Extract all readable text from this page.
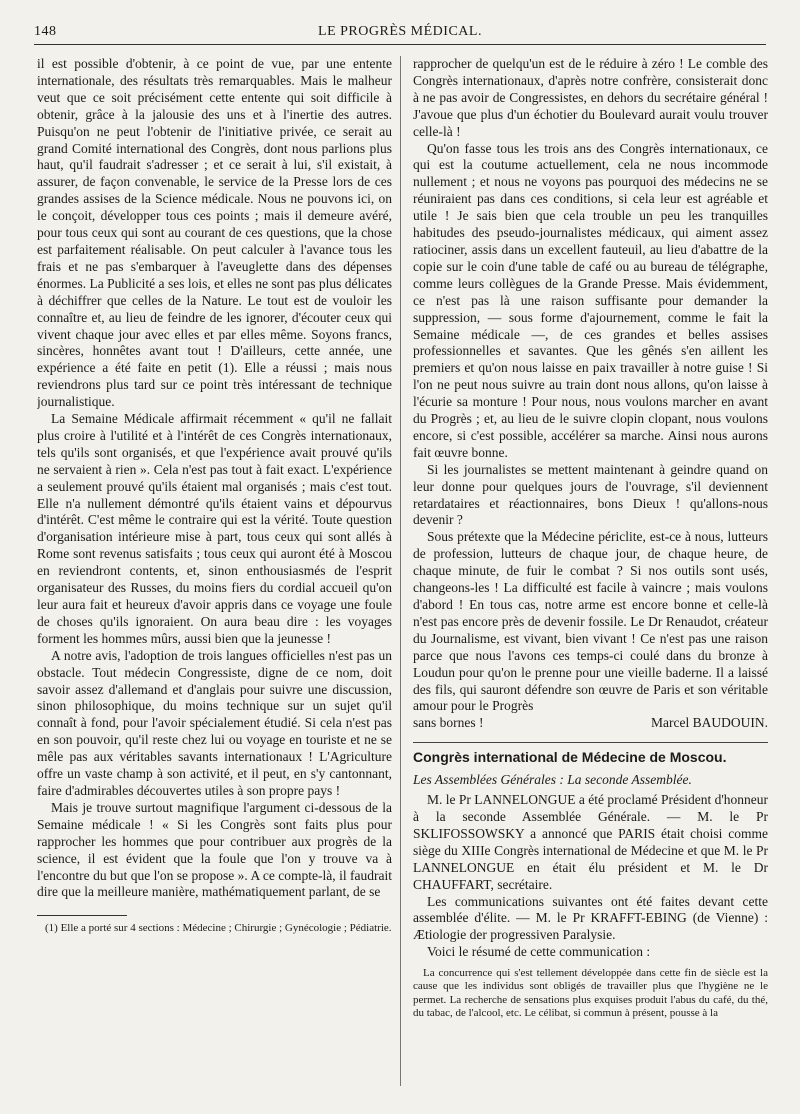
148	LE PROGRÈS MÉDICAL.

il est possible d'obtenir, à ce point de vue, par une entente internationale, des résultats très remarquables. Mais le malheur veut que ce soit précisément cette entente qui soit difficile à obtenir, grâce à la jalousie des uns et à l'inertie des autres. Puisqu'on ne peut l'obtenir de l'initiative privée, ce serait au grand Comité international des Congrès, dont nous parlions plus haut, qu'il faudrait s'adresser ; et ce serait à lui, s'il existait, à assurer, de façon convenable, le service de la Presse lors de ces grandes assises de la Science médicale. Nous ne pouvons ici, on le conçoit, développer tous ces points ; mais il demeure avéré, pour tous ceux qui sont au courant de ces questions, que la chose est parfaitement réalisable. On peut calculer à l'avance tous les frais et ne pas s'embarquer à l'aveuglette dans des dépenses énormes. La Publicité a ses lois, et elles ne sont pas plus délicates à déchiffrer que celles de la Nature. Le tout est de vouloir les connaître et, au lieu de feindre de les ignorer, d'écouter ceux qui vivent chaque jour avec elles et par elles même. Soyons francs, sincères, honnêtes avant tout ! D'ailleurs, cette année, une expérience a été faite en petit (1). Elle a réussi ; mais nous reviendrons plus tard sur ce point très intéressant de technique journalistique.

La Semaine Médicale affirmait récemment « qu'il ne fallait plus croire à l'utilité et à l'intérêt de ces Congrès internationaux, tels qu'ils sont organisés, et que l'expérience avait prouvé qu'ils ne servaient à rien ». Cela n'est pas tout à fait exact. L'expérience a seulement prouvé qu'ils étaient mal organisés ; mais c'est tout. Elle n'a nullement démontré qu'ils étaient vains et dépourvus d'intérêt. C'est même le contraire qui est la vérité. Toute question d'organisation intérieure mise à part, tous ceux qui sont allés à Rome sont revenus satisfaits ; tous ceux qui auront été à Moscou en reviendront contents, et, sinon enthousiasmés de l'esprit organisateur des Russes, du moins fiers du cordial accueil qu'on leur aura fait et heureux d'avoir appris dans ce voyage une foule de choses qu'ils ignoraient. On aura beau dire : les voyages forment les hommes mûrs, aussi bien que la jeunesse !

A notre avis, l'adoption de trois langues officielles n'est pas un obstacle. Tout médecin Congressiste, digne de ce nom, doit savoir assez d'allemand et d'anglais pour suivre une discussion, sinon philosophique, du moins technique sur un sujet qu'il connaît à fond, pour l'avoir spécialement étudié. Si cela n'est pas en son pouvoir, qu'il reste chez lui ou voyage en touriste et ne se mêle pas aux véritables savants internationaux ! L'Agriculture offre un vaste champ à son activité, et il peut, en s'y cantonnant, faire d'admirables découvertes utiles à son propre pays !

Mais je trouve surtout magnifique l'argument ci-dessous de la Semaine médicale ! « Si les Congrès sont faits plus pour rapprocher les hommes que pour contribuer aux progrès de la science, il est évident que la foule que l'on y trouve va à l'encontre du but que l'on se propose ». A ce compte-là, il faudrait dire que la meilleure manière, mathématiquement parlant, de se

(1) Elle a porté sur 4 sections : Médecine ; Chirurgie ; Gynécologie ; Pédiatrie.

rapprocher de quelqu'un est de le réduire à zéro ! Le comble des Congrès internationaux, d'après notre confrère, consisterait donc à ne pas avoir de Congressistes, en dehors du secrétaire général ! J'avoue que plus d'un échotier du Boulevard aurait voulu trouver celle-là !

Qu'on fasse tous les trois ans des Congrès internationaux, ce qui est la coutume actuellement, cela ne nous incommode nullement ; et nous ne voyons pas pourquoi des médecins ne se réuniraient pas dans ces conditions, si cela leur est agréable et utile ! Je sais bien que cela trouble un peu les tranquilles habitudes des pseudo-journalistes médicaux, qui aiment assez ratiociner, assis dans un excellent fauteuil, au lieu d'abattre de la copie sur le coin d'une table de café ou au bureau de télégraphe, comme leurs collègues de la Grande Presse. Mais évidemment, ce n'est pas là une raison suffisante pour demander la suppression, — sous forme d'ajournement, comme le fait la Semaine médicale —, de ces grandes et belles assises professionnelles et savantes. Que les gênés s'en aillent les premiers et qu'on nous laisse en paix travailler à notre guise ! Si l'on ne peut nous suivre au train dont nous allons, qu'on laisse à l'écurie sa monture ! Pour nous, nous voulons marcher en avant du Progrès ; et, au lieu de le suivre clopin clopant, nous voulons encore, si c'est possible, accélérer sa marche. Ainsi nous aurons fait œuvre bonne.

Si les journalistes se mettent maintenant à geindre quand on leur donne pour quelques jours de l'ouvrage, s'il deviennent retardataires et réactionnaires, bons Dieux ! qu'allons-nous devenir ?

Sous prétexte que la Médecine périclite, est-ce à nous, lutteurs de profession, lutteurs de chaque jour, de chaque heure, de chaque minute, de fuir le combat ? Si nos outils sont usés, changeons-les ! La difficulté est facile à vaincre ; mais voulons d'abord ! En tous cas, notre arme est encore bonne et celle-là n'est pas encore près de devenir fossile. Le Dr Renaudot, créateur du Journalisme, est vivant, bien vivant ! Ce n'est pas une raison parce que nous l'avons ces temps-ci coulé dans du bronze à Loudun pour qu'on le prenne pour une vieille baderne. Il a laissé des fils, qui sauront défendre son œuvre de Paris et son véritable amour pour le Progrès

sans bornes !	Marcel BAUDOUIN.

Congrès international de Médecine de Moscou.

Les Assemblées Générales : La seconde Assemblée.

M. le Pr LANNELONGUE a été proclamé Président d'honneur à la seconde Assemblée Générale. — M. le Pr SKLIFOSSOWSKY a annoncé que PARIS était choisi comme siège du XIIIe Congrès international de Médecine et que M. le Pr LANNELONGUE en était élu président et M. le Dr CHAUFFART, secrétaire.

Les communications suivantes ont été faites devant cette assemblée d'élite. — M. le Pr KRAFFT-EBING (de Vienne) : Ætiologie der progressiven Paralysie.

Voici le résumé de cette communication :

La concurrence qui s'est tellement développée dans cette fin de siècle est la cause que les individus sont obligés de travailler plus que l'hygiène ne le permet. La recherche de sensations plus exquises produit l'abus du café, du thé, du tabac, de l'alcool, etc. Le célibat, si commun à présent, pousse à la
